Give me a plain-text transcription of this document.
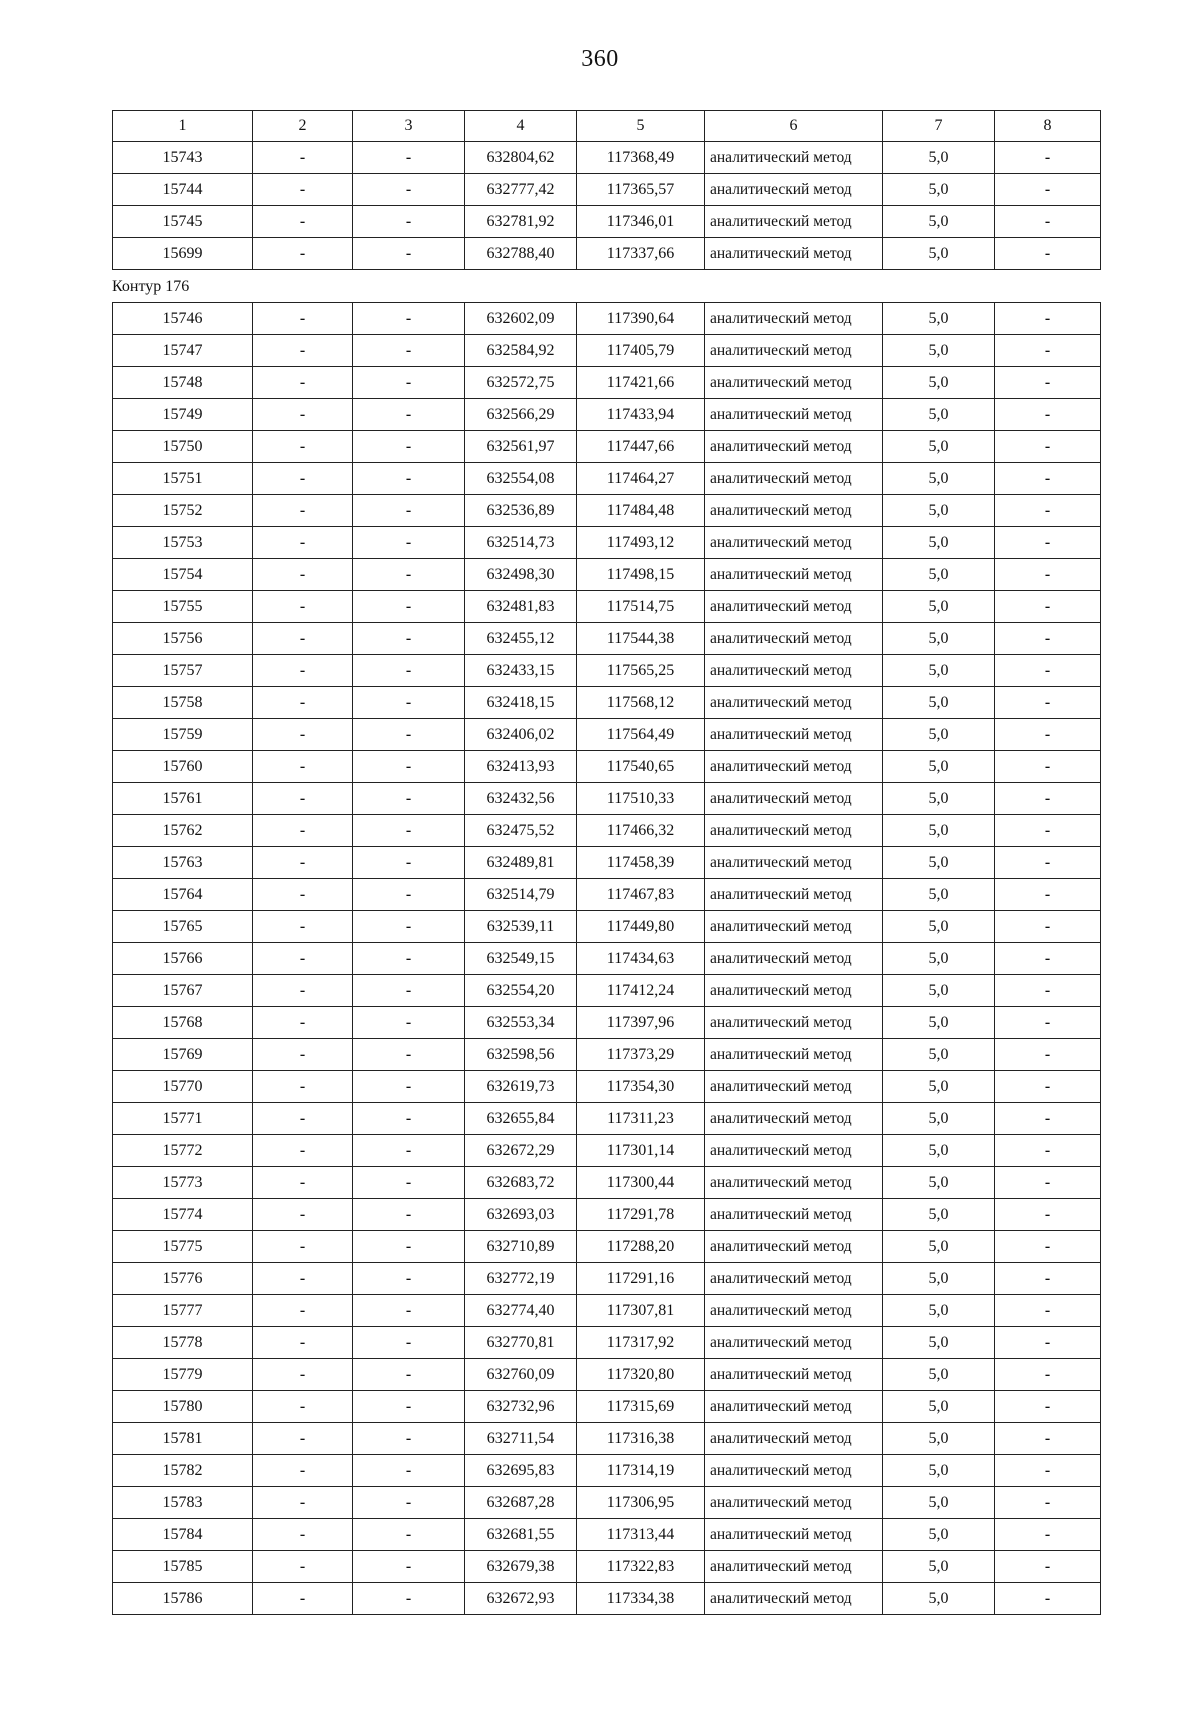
360
1	2	3	4	5	6	7	8
15743	-	-	632804,62	117368,49	аналитический метод	5,0	-
15744	-	-	632777,42	117365,57	аналитический метод	5,0	-
15745	-	-	632781,92	117346,01	аналитический метод	5,0	-
15699	-	-	632788,40	117337,66	аналитический метод	5,0	-
Контур 176
15746	-	-	632602,09	117390,64	аналитический метод	5,0	-
15747	-	-	632584,92	117405,79	аналитический метод	5,0	-
15748	-	-	632572,75	117421,66	аналитический метод	5,0	-
15749	-	-	632566,29	117433,94	аналитический метод	5,0	-
15750	-	-	632561,97	117447,66	аналитический метод	5,0	-
15751	-	-	632554,08	117464,27	аналитический метод	5,0	-
15752	-	-	632536,89	117484,48	аналитический метод	5,0	-
15753	-	-	632514,73	117493,12	аналитический метод	5,0	-
15754	-	-	632498,30	117498,15	аналитический метод	5,0	-
15755	-	-	632481,83	117514,75	аналитический метод	5,0	-
15756	-	-	632455,12	117544,38	аналитический метод	5,0	-
15757	-	-	632433,15	117565,25	аналитический метод	5,0	-
15758	-	-	632418,15	117568,12	аналитический метод	5,0	-
15759	-	-	632406,02	117564,49	аналитический метод	5,0	-
15760	-	-	632413,93	117540,65	аналитический метод	5,0	-
15761	-	-	632432,56	117510,33	аналитический метод	5,0	-
15762	-	-	632475,52	117466,32	аналитический метод	5,0	-
15763	-	-	632489,81	117458,39	аналитический метод	5,0	-
15764	-	-	632514,79	117467,83	аналитический метод	5,0	-
15765	-	-	632539,11	117449,80	аналитический метод	5,0	-
15766	-	-	632549,15	117434,63	аналитический метод	5,0	-
15767	-	-	632554,20	117412,24	аналитический метод	5,0	-
15768	-	-	632553,34	117397,96	аналитический метод	5,0	-
15769	-	-	632598,56	117373,29	аналитический метод	5,0	-
15770	-	-	632619,73	117354,30	аналитический метод	5,0	-
15771	-	-	632655,84	117311,23	аналитический метод	5,0	-
15772	-	-	632672,29	117301,14	аналитический метод	5,0	-
15773	-	-	632683,72	117300,44	аналитический метод	5,0	-
15774	-	-	632693,03	117291,78	аналитический метод	5,0	-
15775	-	-	632710,89	117288,20	аналитический метод	5,0	-
15776	-	-	632772,19	117291,16	аналитический метод	5,0	-
15777	-	-	632774,40	117307,81	аналитический метод	5,0	-
15778	-	-	632770,81	117317,92	аналитический метод	5,0	-
15779	-	-	632760,09	117320,80	аналитический метод	5,0	-
15780	-	-	632732,96	117315,69	аналитический метод	5,0	-
15781	-	-	632711,54	117316,38	аналитический метод	5,0	-
15782	-	-	632695,83	117314,19	аналитический метод	5,0	-
15783	-	-	632687,28	117306,95	аналитический метод	5,0	-
15784	-	-	632681,55	117313,44	аналитический метод	5,0	-
15785	-	-	632679,38	117322,83	аналитический метод	5,0	-
15786	-	-	632672,93	117334,38	аналитический метод	5,0	-
